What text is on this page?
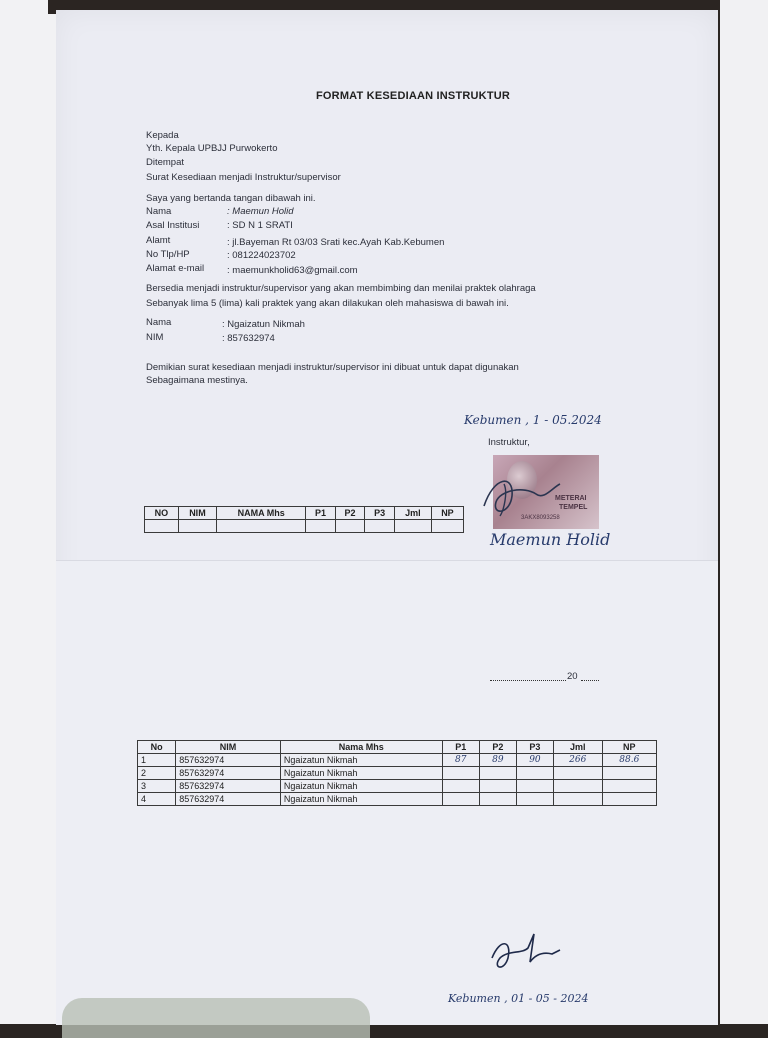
FORMAT KESEDIAAN INSTRUKTUR
Kepada
Yth. Kepala UPBJJ Purwokerto
Ditempat
Surat Kesediaan menjadi Instruktur/supervisor
Saya yang bertanda tangan dibawah ini.
Nama	: Maemun Holid
Asal Institusi	: SD N 1 SRATI
Alamt	: jl.Bayeman Rt 03/03 Srati kec.Ayah Kab.Kebumen
No Tlp/HP	: 081224023702
Alamat e-mail : maemunkholid63@gmail.com
Bersedia menjadi instruktur/supervisor yang akan membimbing dan menilai praktek olahraga
Sebanyak lima 5 (lima) kali praktek yang akan dilakukan oleh mahasiswa di bawah ini.
Nama	: Ngaizatun Nikmah
NIM	: 857632974
Demikian surat kesediaan menjadi instruktur/supervisor ini dibuat untuk dapat digunakan
Sebagaimana mestinya.
Kebumen , 1 - 05.2024
Instruktur,
METERAI
TEMPEL
3AKX8093258
Maemun Holid
NO	NIM	NAMA Mhs	P1	P2	P3	Jml	NP

20
No	NIM	Nama Mhs	P1	P2	P3	Jml	NP
1	857632974	Ngaizatun Nikmah	87	89	90	266	88.6
2	857632974	Ngaizatun Nikmah					
3	857632974	Ngaizatun Nikmah					
4	857632974	Ngaizatun Nikmah					
Kebumen , 01 - 05 - 2024
